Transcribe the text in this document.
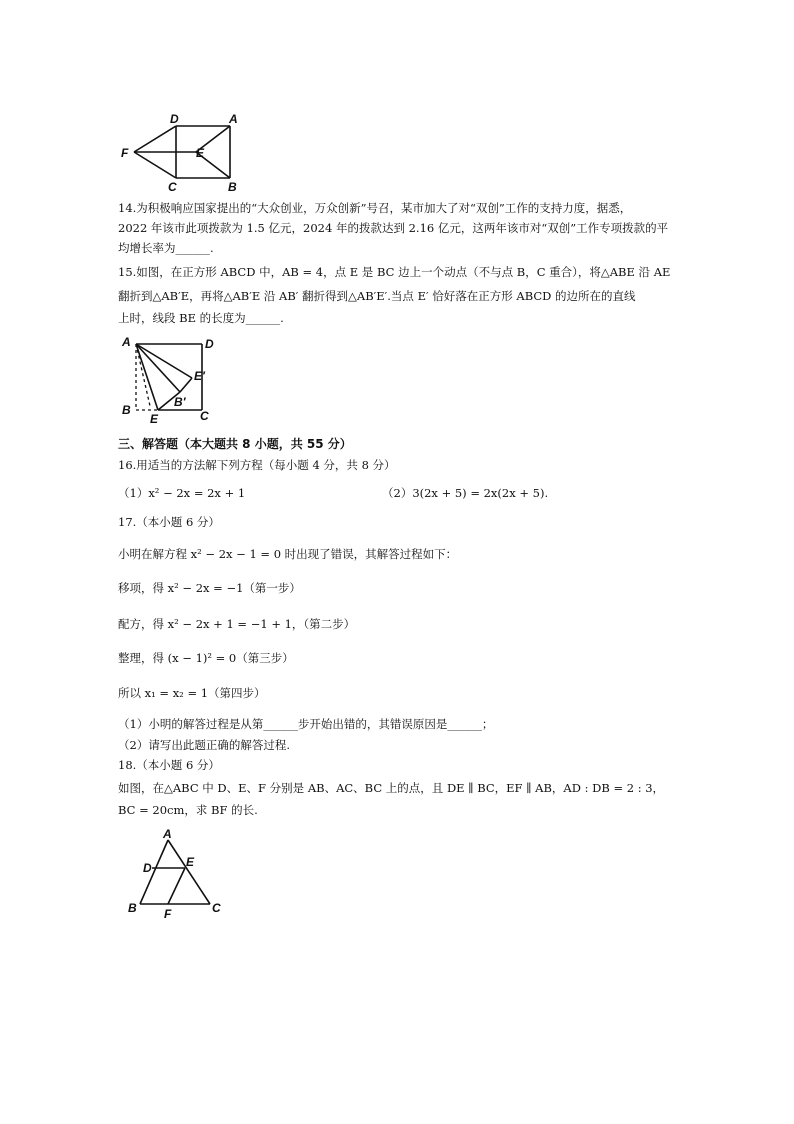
F
D	A
E
C	B
14.为积极响应国家提出的“大众创业，万众创新”号召，某市加大了对“双创”工作的支持力度，据悉，
2022 年该市此项拨款为 1.5 亿元，2024 年的拨款达到 2.16 亿元，这两年该市对“双创”工作专项拨款的平
均增长率为______.
15.如图，在正方形 ABCD 中，AB = 4，点 E 是 BC 边上一个动点（不与点 B，C 重合），将△ABE 沿 AE
翻折到△AB′E，再将△AB′E 沿 AB′ 翻折得到△AB′E′.当点 E′ 恰好落在正方形 ABCD 的边所在的直线
上时，线段 BE 的长度为______.
A	D
E′
B′
B
E	C
三、解答题（本大题共 8 小题，共 55 分）
16.用适当的方法解下列方程（每小题 4 分，共 8 分）
（1）x² − 2x = 2x + 1	（2）3(2x + 5) = 2x(2x + 5).
17.（本小题 6 分）
小明在解方程 x² − 2x − 1 = 0 时出现了错误，其解答过程如下：
移项，得 x² − 2x = −1（第一步）
配方，得 x² − 2x + 1 = −1 + 1，（第二步）
整理，得 (x − 1)² = 0（第三步）
所以 x₁ = x₂ = 1（第四步）
（1）小明的解答过程是从第______步开始出错的，其错误原因是______；
（2）请写出此题正确的解答过程.
18.（本小题 6 分）
如图，在△ABC 中 D、E、F 分别是 AB、AC、BC 上的点，且 DE ∥ BC，EF ∥ AB，AD : DB = 2 : 3，
BC = 20cm，求 BF 的长.
A
D	E
B F	C
